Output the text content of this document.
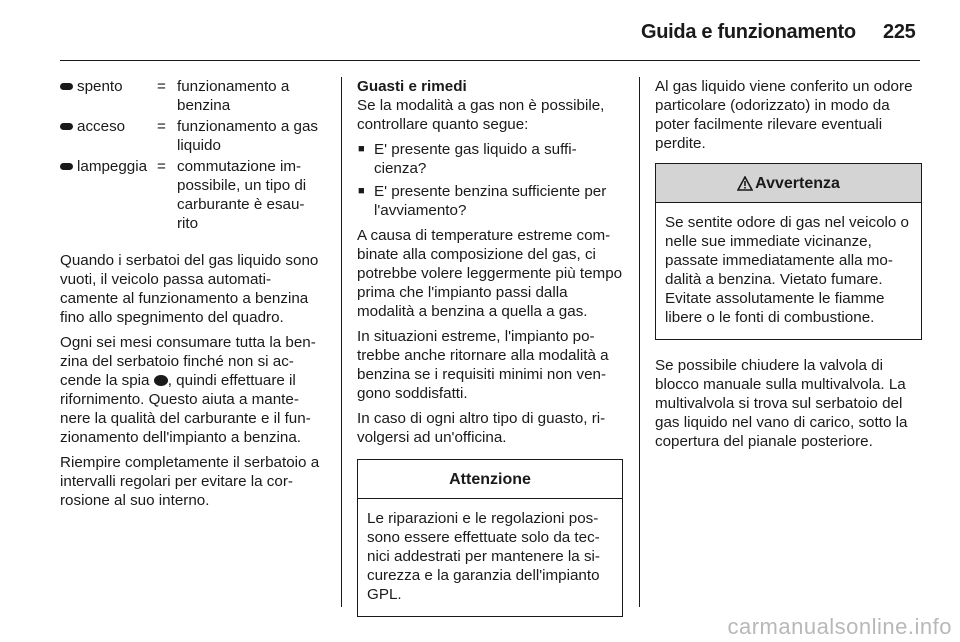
Guida e funzionamento 225
spento	= funzionamento a benzina
acceso	= funzionamento a gas liquido
lampeggia = commutazione im-possibile, un tipo di carburante è esau-rito

Quando i serbatoi del gas liquido sono vuoti, il veicolo passa automati-camente al funzionamento a benzina fino allo spegnimento del quadro.

Ogni sei mesi consumare tutta la ben-zina del serbatoio finché non si ac-cende la spia , quindi effettuare il rifornimento. Questo aiuta a mante-nere la qualità del carburante e il fun-zionamento dell'impianto a benzina.

Riempire completamente il serbatoio a intervalli regolari per evitare la cor-rosione al suo interno.

Guasti e rimedi

Se la modalità a gas non è possibile, controllare quanto segue:

■ E' presente gas liquido a suffi-cienza?
■ E' presente benzina sufficiente per l'avviamento?

A causa di temperature estreme com-binate alla composizione del gas, ci potrebbe volere leggermente più tempo prima che l'impianto passi dalla modalità a benzina a quella a gas.

In situazioni estreme, l'impianto po-trebbe anche ritornare alla modalità a benzina se i requisiti minimi non ven-gono soddisfatti.

In caso di ogni altro tipo di guasto, ri-volgersi ad un'officina.

Attenzione
Le riparazioni e le regolazioni pos-sono essere effettuate solo da tec-nici addestrati per mantenere la si-curezza e la garanzia dell'impianto GPL.

Al gas liquido viene conferito un odore particolare (odorizzato) in modo da poter facilmente rilevare eventuali perdite.

Avvertenza
Se sentite odore di gas nel veicolo o nelle sue immediate vicinanze, passate immediatamente alla mo-dalità a benzina. Vietato fumare. Evitate assolutamente le fiamme libere o le fonti di combustione.

Se possibile chiudere la valvola di blocco manuale sulla multivalvola. La multivalvola si trova sul serbatoio del gas liquido nel vano di carico, sotto la copertura del pianale posteriore.

carmanualsonline.info
